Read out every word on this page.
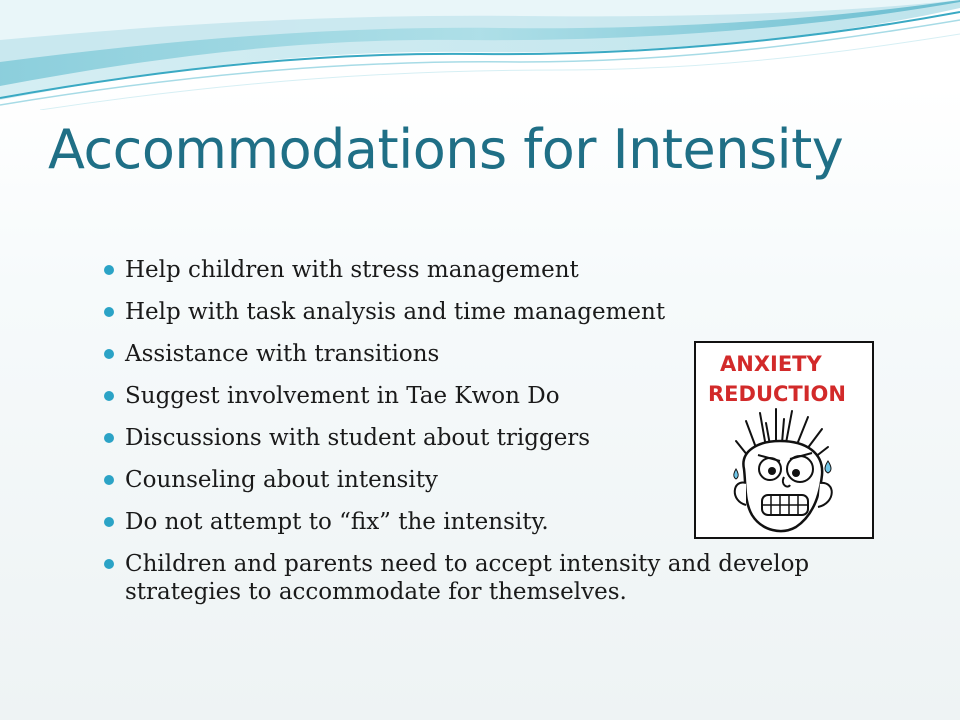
Accommodations for Intensity
Help children with stress management
Help with task analysis and time management
Assistance with transitions
Suggest involvement in Tae Kwon Do
Discussions with student about triggers
Counseling about intensity
Do not attempt to “fix” the intensity.
Children and parents need to accept intensity and develop strategies to accommodate for themselves.
ANXIETY
REDUCTION
